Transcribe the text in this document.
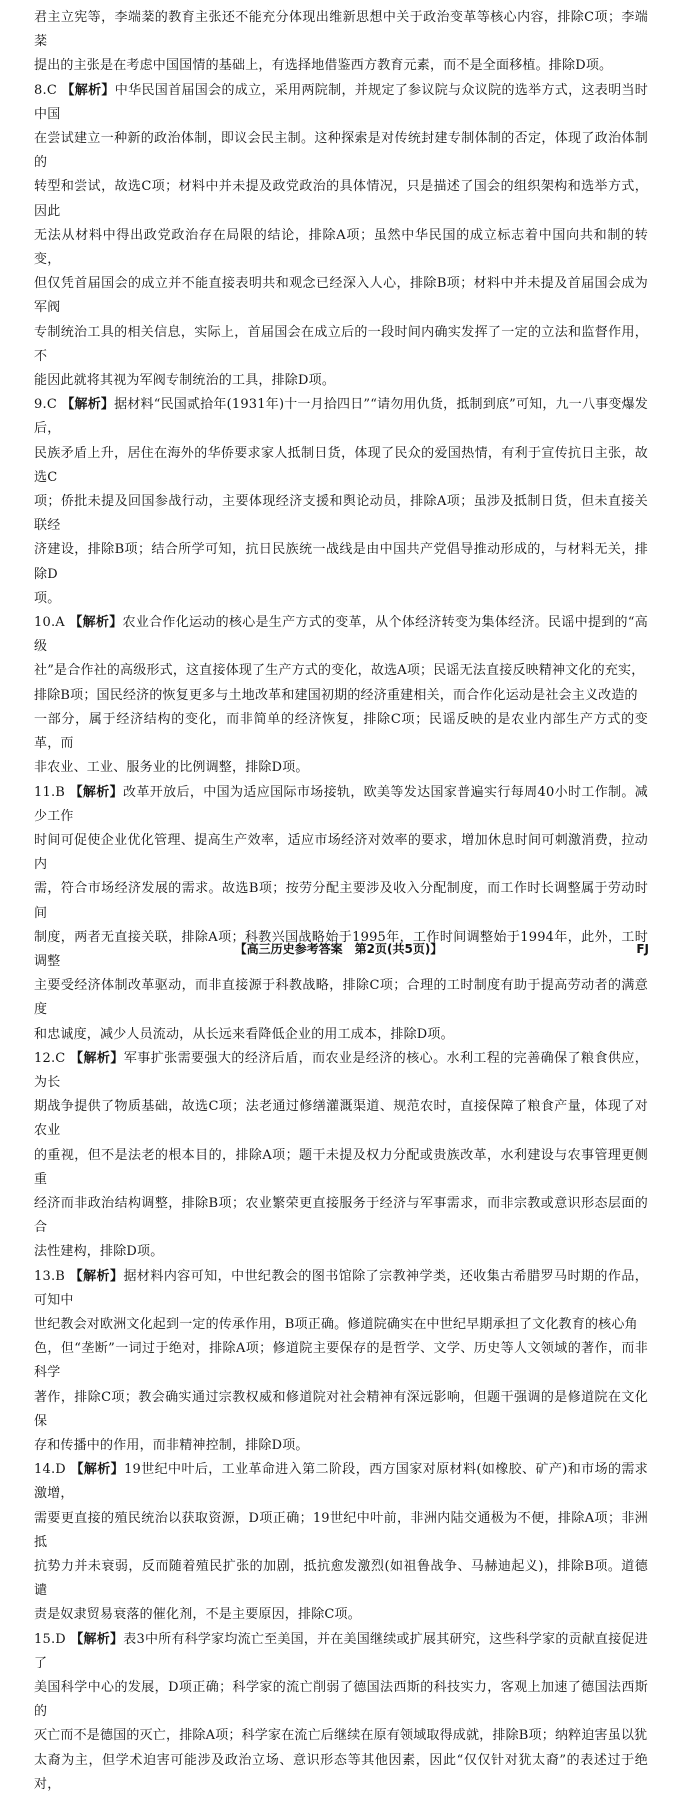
君主立宪等，李端棻的教育主张还不能充分体现出维新思想中关于政治变革等核心内容，排除C项；李端棻

提出的主张是在考虑中国国情的基础上，有选择地借鉴西方教育元素，而不是全面移植。排除D项。

8.C 【解析】中华民国首届国会的成立，采用两院制，并规定了参议院与众议院的选举方式，这表明当时中国

在尝试建立一种新的政治体制，即议会民主制。这种探索是对传统封建专制体制的否定，体现了政治体制的

转型和尝试，故选C项；材料中并未提及政党政治的具体情况，只是描述了国会的组织架构和选举方式，因此

无法从材料中得出政党政治存在局限的结论，排除A项；虽然中华民国的成立标志着中国向共和制的转变，

但仅凭首届国会的成立并不能直接表明共和观念已经深入人心，排除B项；材料中并未提及首届国会成为军阀

专制统治工具的相关信息，实际上，首届国会在成立后的一段时间内确实发挥了一定的立法和监督作用，不

能因此就将其视为军阀专制统治的工具，排除D项。

9.C 【解析】据材料“民国贰拾年(1931年)十一月拾四日”“请勿用仇货，抵制到底”可知，九一八事变爆发后，

民族矛盾上升，居住在海外的华侨要求家人抵制日货，体现了民众的爱国热情，有利于宣传抗日主张，故选C

项；侨批未提及回国参战行动，主要体现经济支援和舆论动员，排除A项；虽涉及抵制日货，但未直接关联经

济建设，排除B项；结合所学可知，抗日民族统一战线是由中国共产党倡导推动形成的，与材料无关，排除D

项。

10.A 【解析】农业合作化运动的核心是生产方式的变革，从个体经济转变为集体经济。民谣中提到的“高级

社”是合作社的高级形式，这直接体现了生产方式的变化，故选A项；民谣无法直接反映精神文化的充实，

排除B项；国民经济的恢复更多与土地改革和建国初期的经济重建相关，而合作化运动是社会主义改造的

一部分，属于经济结构的变化，而非简单的经济恢复，排除C项；民谣反映的是农业内部生产方式的变革，而

非农业、工业、服务业的比例调整，排除D项。

11.B 【解析】改革开放后，中国为适应国际市场接轨，欧美等发达国家普遍实行每周40小时工作制。减少工作

时间可促使企业优化管理、提高生产效率，适应市场经济对效率的要求，增加休息时间可刺激消费，拉动内

需，符合市场经济发展的需求。故选B项；按劳分配主要涉及收入分配制度，而工作时长调整属于劳动时间

制度，两者无直接关联，排除A项；科教兴国战略始于1995年，工作时间调整始于1994年，此外，工时调整

主要受经济体制改革驱动，而非直接源于科教战略，排除C项；合理的工时制度有助于提高劳动者的满意度

和忠诚度，减少人员流动，从长远来看降低企业的用工成本，排除D项。

12.C 【解析】军事扩张需要强大的经济后盾，而农业是经济的核心。水利工程的完善确保了粮食供应，为长

期战争提供了物质基础，故选C项；法老通过修缮灌溉渠道、规范农时，直接保障了粮食产量，体现了对农业

的重视，但不是法老的根本目的，排除A项；题干未提及权力分配或贵族改革，水利建设与农事管理更侧重

经济而非政治结构调整，排除B项；农业繁荣更直接服务于经济与军事需求，而非宗教或意识形态层面的合

法性建构，排除D项。

13.B 【解析】据材料内容可知，中世纪教会的图书馆除了宗教神学类，还收集古希腊罗马时期的作品，可知中

世纪教会对欧洲文化起到一定的传承作用，B项正确。修道院确实在中世纪早期承担了文化教育的核心角

色，但“垄断”一词过于绝对，排除A项；修道院主要保存的是哲学、文学、历史等人文领域的著作，而非科学

著作，排除C项；教会确实通过宗教权威和修道院对社会精神有深远影响，但题干强调的是修道院在文化保

存和传播中的作用，而非精神控制，排除D项。

14.D 【解析】19世纪中叶后，工业革命进入第二阶段，西方国家对原材料(如橡胶、矿产)和市场的需求激增，

需要更直接的殖民统治以获取资源，D项正确；19世纪中叶前，非洲内陆交通极为不便，排除A项；非洲抵

抗势力并未衰弱，反而随着殖民扩张的加剧，抵抗愈发激烈(如祖鲁战争、马赫迪起义)，排除B项。道德谴

责是奴隶贸易衰落的催化剂，不是主要原因，排除C项。

15.D 【解析】表3中所有科学家均流亡至美国，并在美国继续或扩展其研究，这些科学家的贡献直接促进了

美国科学中心的发展，D项正确；科学家的流亡削弱了德国法西斯的科技实力，客观上加速了德国法西斯的

灭亡而不是德国的灭亡，排除A项；科学家在流亡后继续在原有领域取得成就，排除B项；纳粹迫害虽以犹

太裔为主，但学术迫害可能涉及政治立场、意识形态等其他因素，因此“仅仅针对犹太裔”的表述过于绝对，

【高三历史参考答案　第2页(共5页)】	FJ
